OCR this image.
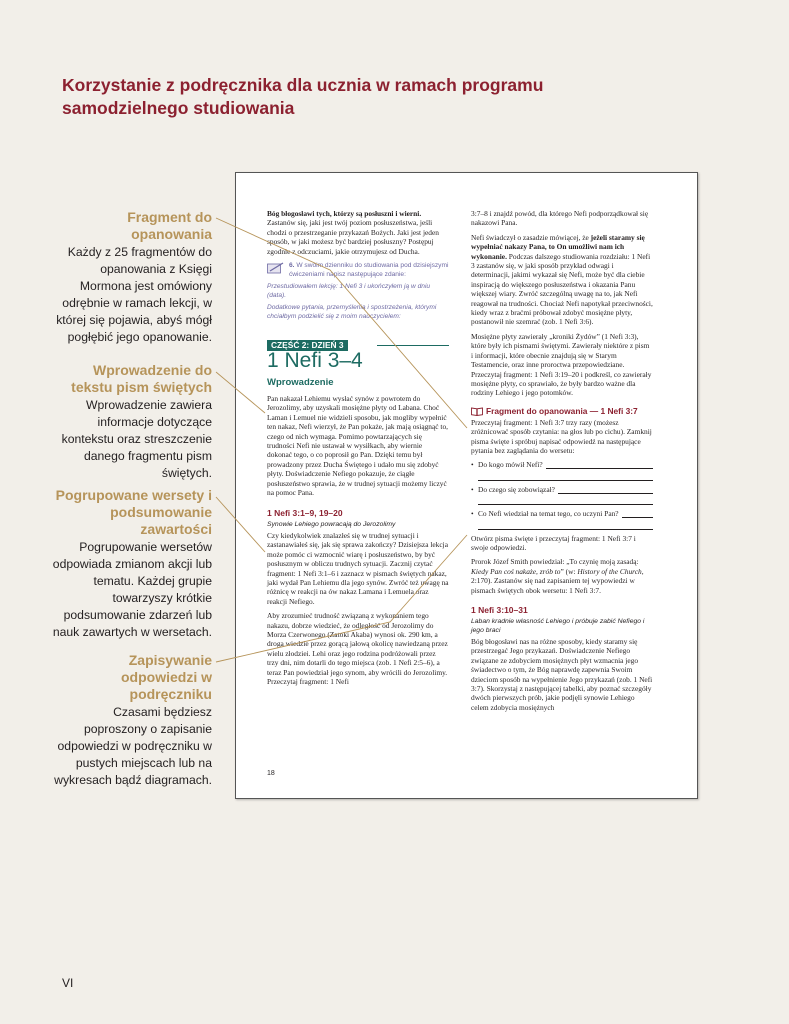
Korzystanie z podręcznika dla ucznia w ramach programu samodzielnego studiowania
Fragment do opanowania
Każdy z 25 fragmentów do opanowania z Księgi Mormona jest omówiony odrębnie w ramach lekcji, w której się pojawia, abyś mógł pogłębić jego opanowanie.
Wprowadzenie do tekstu pism świętych
Wprowadzenie zawiera informacje dotyczące kontekstu oraz streszczenie danego fragmentu pism świętych.
Pogrupowane wersety i podsumowanie zawartości
Pogrupowanie wersetów odpowiada zmianom akcji lub tematu. Każdej grupie towarzyszy krótkie podsumowanie zdarzeń lub nauk zawartych w wersetach.
Zapisywanie odpowiedzi w podręczniku
Czasami będziesz poproszony o zapisanie odpowiedzi w podręczniku w pustych miejscach lub na wykresach bądź diagramach.

Bóg błogosławi tych, którzy są posłuszni i wierni. Zastanów się, jaki jest twój poziom posłuszeństwa, jeśli chodzi o przestrzeganie przykazań Bożych. Jaki jest jeden sposób, w jaki możesz być bardziej posłuszny? Postępuj zgodnie z odczuciami, jakie otrzymujesz od Ducha.

6. W swoim dzienniku do studiowania pod dzisiejszymi ćwiczeniami napisz następujące zdanie:
Przestudiowałem lekcję: 1 Nefi 3 i ukończyłem ją w dniu (data).
Dodatkowe pytania, przemyślenia i spostrzeżenia, którymi chciałbym podzielić się z moim nauczycielem:
CZĘŚĆ 2: DZIEŃ 3
1 Nefi 3–4
Wprowadzenie

Pan nakazał Lehiemu wysłać synów z powrotem do Jerozolimy, aby uzyskali mosiężne płyty od Labana. Choć Laman i Lemuel nie widzieli sposobu, jak mogliby wypełnić ten nakaz, Nefi wierzył, że Pan pokaże, jak mają osiągnąć to, czego od nich wymaga. Pomimo powtarzających się trudności Nefi nie ustawał w wysiłkach, aby wiernie dokonać tego, o co poprosił go Pan. Dzięki temu był prowadzony przez Ducha Świętego i udało mu się zdobyć płyty. Doświadczenie Nefiego pokazuje, że ciągłe posłuszeństwo sprawia, że w trudnej sytuacji możemy liczyć na pomoc Pana.

1 Nefi 3:1–9, 19–20
Synowie Lehiego powracają do Jerozolimy

Czy kiedykolwiek znalazłeś się w trudnej sytuacji i zastanawiałeś się, jak się sprawa zakończy? Dzisiejsza lekcja może pomóc ci wzmocnić wiarę i posłuszeństwo, by być posłusznym w obliczu trudnych sytuacji. Zacznij czytać fragment: 1 Nefi 3:1–6 i zaznacz w pismach świętych nakaz, jaki wydał Pan Lehiemu dla jego synów. Zwróć też uwagę na różnicę w reakcji na ów nakaz Lamana i Lemuela oraz reakcji Nefiego.

Aby zrozumieć trudność związaną z wykonaniem tego nakazu, dobrze wiedzieć, że odległość od Jerozolimy do Morza Czerwonego (Zatoki Akaba) wynosi ok. 290 km, a droga wiedzie przez gorącą jałową okolicę nawiedzaną przez wielu złodziei. Lehi oraz jego rodzina podróżowali przez trzy dni, nim dotarli do tego miejsca (zob. 1 Nefi 2:5–6), a teraz Pan powiedział jego synom, aby wrócili do Jerozolimy. Przeczytaj fragment: 1 Nefi

3:7–8 i znajdź powód, dla którego Nefi podporządkował się nakazowi Pana.

Nefi świadczył o zasadzie mówiącej, że jeżeli staramy się wypełniać nakazy Pana, to On umożliwi nam ich wykonanie. Podczas dalszego studiowania rozdziału: 1 Nefi 3 zastanów się, w jaki sposób przykład odwagi i determinacji, jakimi wykazał się Nefi, może być dla ciebie inspiracją do większego posłuszeństwa i okazania Panu większej wiary. Zwróć szczególną uwagę na to, jak Nefi reagował na trudności. Chociaż Nefi napotykał przeciwności, kiedy wraz z braćmi próbował zdobyć mosiężne płyty, postanowił nie szemrać (zob. 1 Nefi 3:6).

Mosiężne płyty zawierały „kroniki Żydów” (1 Nefi 3:3), które były ich pismami świętymi. Zawierały niektóre z pism i informacji, które obecnie znajdują się w Starym Testamencie, oraz inne proroctwa przepowiedziane. Przeczytaj fragment: 1 Nefi 3:19–20 i podkreśl, co zawierały mosiężne płyty, co sprawiało, że były bardzo ważne dla rodziny Lehiego i jego potomków.

Fragment do opanowania — 1 Nefi 3:7

Przeczytaj fragment: 1 Nefi 3:7 trzy razy (możesz zróżnicować sposób czytania: na głos lub po cichu). Zamknij pisma święte i spróbuj napisać odpowiedź na następujące pytania bez zaglądania do wersetu:

• Do kogo mówił Nefi?
• Do czego się zobowiązał?
• Co Nefi wiedział na temat tego, co uczyni Pan?

Otwórz pisma święte i przeczytaj fragment: 1 Nefi 3:7 i swoje odpowiedzi.

Prorok Józef Smith powiedział: „To czynię moją zasadą: Kiedy Pan coś nakaże, zrób to” (w: History of the Church, 2:170). Zastanów się nad zapisaniem tej wypowiedzi w pismach świętych obok wersetu: 1 Nefi 3:7.

1 Nefi 3:10–31
Laban kradnie własność Lehiego i próbuje zabić Nefiego i jego braci

Bóg błogosławi nas na różne sposoby, kiedy staramy się przestrzegać Jego przykazań. Doświadczenie Nefiego związane ze zdobyciem mosiężnych płyt wzmacnia jego świadectwo o tym, że Bóg naprawdę zapewnia Swoim dzieciom sposób na wypełnienie Jego przykazań (zob. 1 Nefi 3:7). Skorzystaj z następującej tabelki, aby poznać szczegóły dwóch pierwszych prób, jakie podjęli synowie Lehiego celem zdobycia mosiężnych

18
VI
